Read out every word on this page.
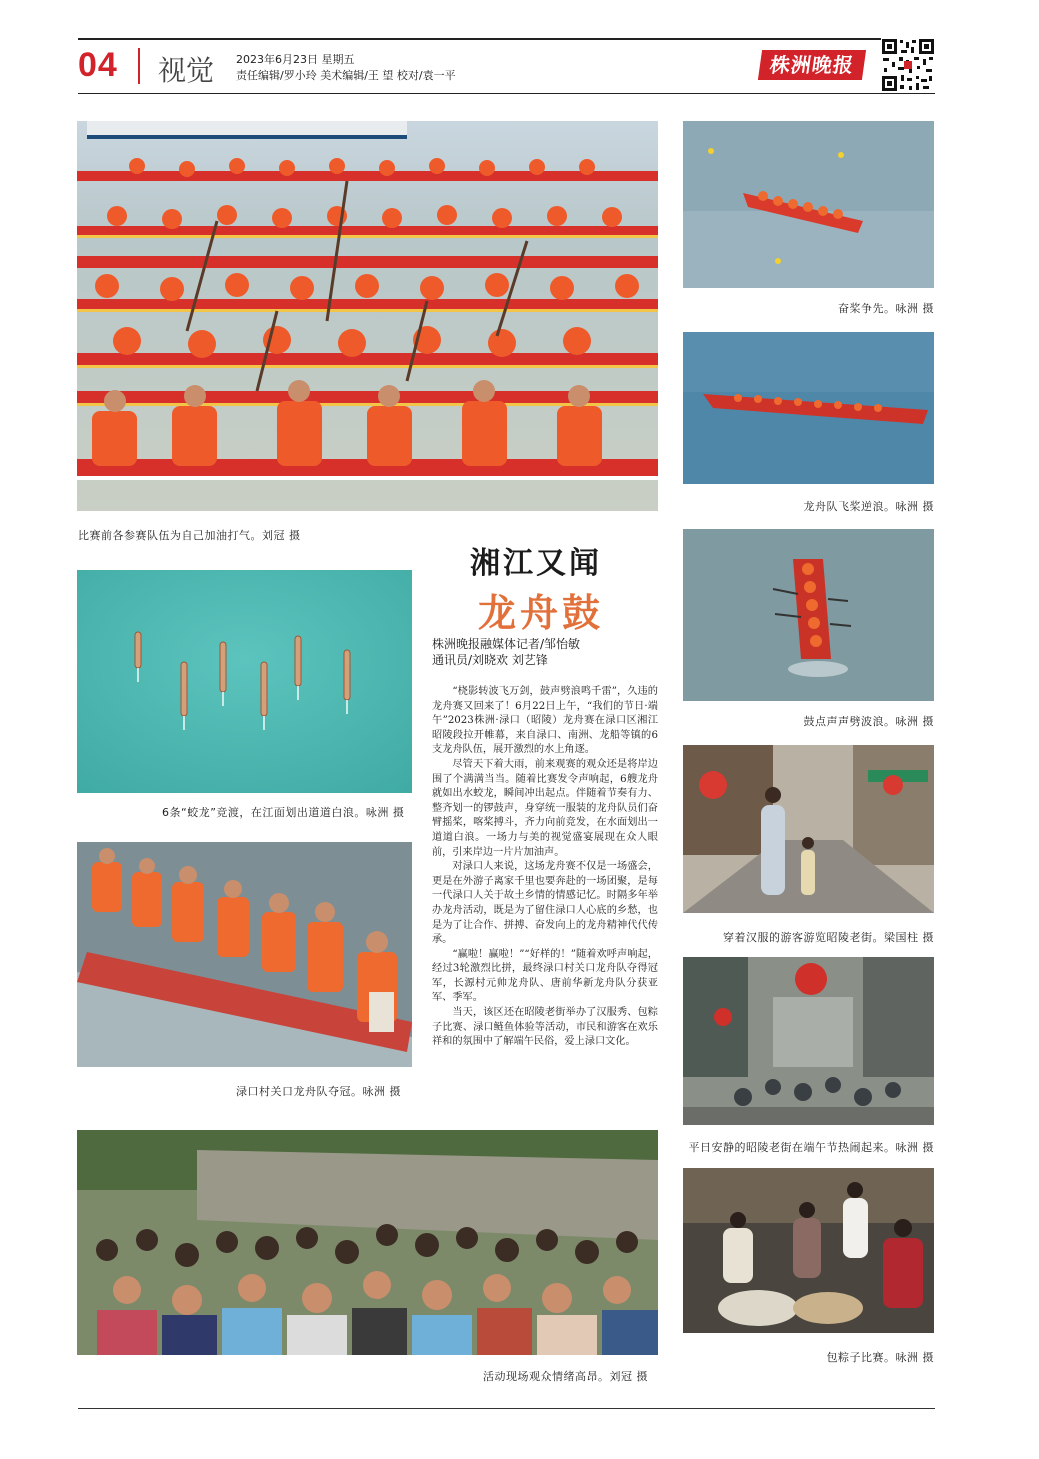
04 视觉 2023年6月23日 星期五
责任编辑/罗小玲 美术编辑/王 望 校对/袁一平	株洲晚报
比赛前各参赛队伍为自己加油打气。刘冠 摄
奋桨争先。咏洲 摄
龙舟队飞桨逆浪。咏洲 摄
鼓点声声劈波浪。咏洲 摄
穿着汉服的游客游览昭陵老街。梁国柱 摄
平日安静的昭陵老街在端午节热闹起来。咏洲 摄
包粽子比赛。咏洲 摄
6条“蛟龙”竞渡，在江面划出道道白浪。咏洲 摄
渌口村关口龙舟队夺冠。咏洲 摄
活动现场观众情绪高昂。刘冠 摄
湘江又闻
龙舟鼓
株洲晚报融媒体记者/邹怡敏
通讯员/刘晓欢 刘艺锋

“桡影转波飞万剑，鼓声劈浪鸣千雷”，久违的龙舟赛又回来了！6月22日上午，“我们的节日·端午”2023株洲·渌口（昭陵）龙舟赛在渌口区湘江昭陵段拉开帷幕，来自渌口、南洲、龙船等镇的6支龙舟队伍，展开激烈的水上角逐。

尽管天下着大雨，前来观赛的观众还是将岸边围了个满满当当。随着比赛发令声响起，6艘龙舟就如出水蛟龙，瞬间冲出起点。伴随着节奏有力、整齐划一的锣鼓声，身穿统一服装的龙舟队员们奋臂摇桨，喀桨搏斗，齐力向前竞发，在水面划出一道道白浪。一场力与美的视觉盛宴展现在众人眼前，引来岸边一片片加油声。

对渌口人来说，这场龙舟赛不仅是一场盛会，更是在外游子离家千里也要奔赴的一场团聚，是每一代渌口人关于故土乡情的情感记忆。时隔多年举办龙舟活动，既是为了留住渌口人心底的乡愁，也是为了让合作、拼搏、奋发向上的龙舟精神代代传承。

“赢啦！赢啦！”“好样的！”随着欢呼声响起，经过3轮激烈比拼，最终渌口村关口龙舟队夺得冠军，长源村元帅龙舟队、唐前华新龙舟队分获亚军、季军。

当天，该区还在昭陵老街举办了汉服秀、包粽子比赛、渌口鲢鱼体验等活动，市民和游客在欢乐祥和的氛围中了解端午民俗，爱上渌口文化。
